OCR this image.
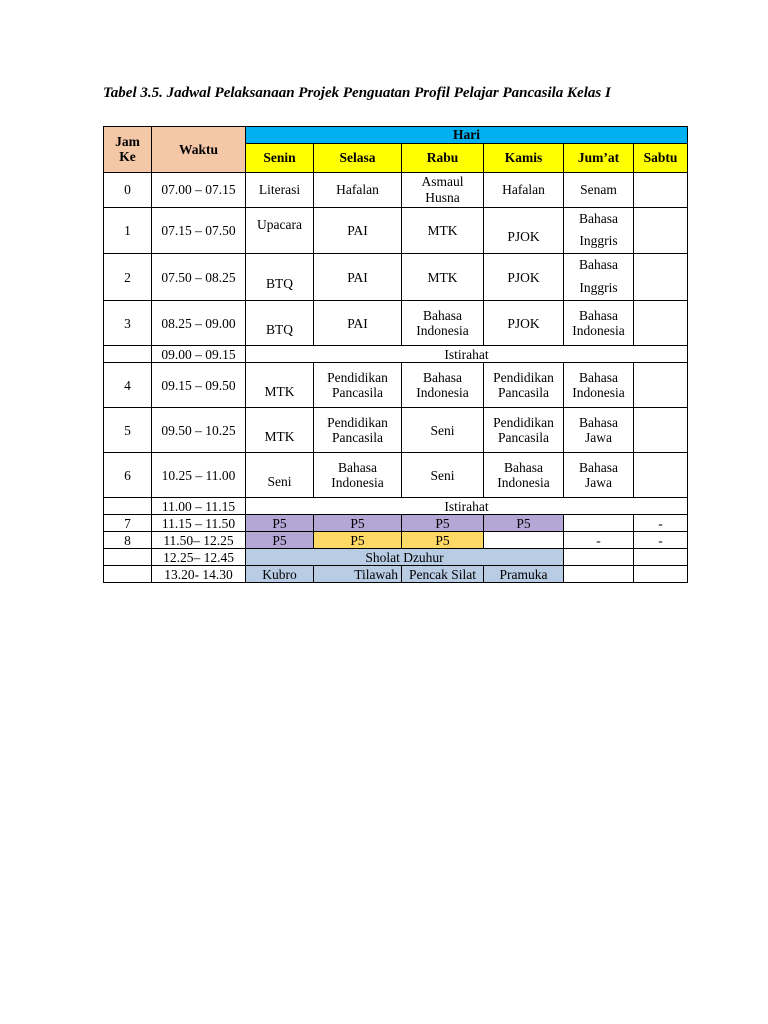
Tabel 3.5. Jadwal Pelaksanaan Projek Penguatan Profil Pelajar Pancasila Kelas I
Jam Ke	Waktu	Hari					
		Senin	Selasa	Rabu	Kamis	Jum’at	Sabtu
0	07.00 – 07.15	Literasi	Hafalan	Asmaul Husna	Hafalan	Senam	
1	07.15 – 07.50	Upacara	PAI	MTK	PJOK	Bahasa Inggris	
2	07.50 – 08.25	BTQ	PAI	MTK	PJOK	Bahasa Inggris	
3	08.25 – 09.00	BTQ	PAI	Bahasa Indonesia	PJOK	Bahasa Indonesia	
	09.00 – 09.15	Istirahat					
4	09.15 – 09.50	MTK	Pendidikan Pancasila	Bahasa Indonesia	Pendidikan Pancasila	Bahasa Indonesia	
5	09.50 – 10.25	MTK	Pendidikan Pancasila	Seni	Pendidikan Pancasila	Bahasa Jawa	
6	10.25 – 11.00	Seni	Bahasa Indonesia	Seni	Bahasa Indonesia	Bahasa Jawa	
	11.00 – 11.15	Istirahat					
7	11.15 – 11.50	P5	P5	P5	P5		-
8	11.50– 12.25	P5	P5	P5		-	-
	12.25– 12.45	Sholat Dzuhur					
	13.20- 14.30	Kubro	Tilawah	Pencak Silat	Pramuka		
